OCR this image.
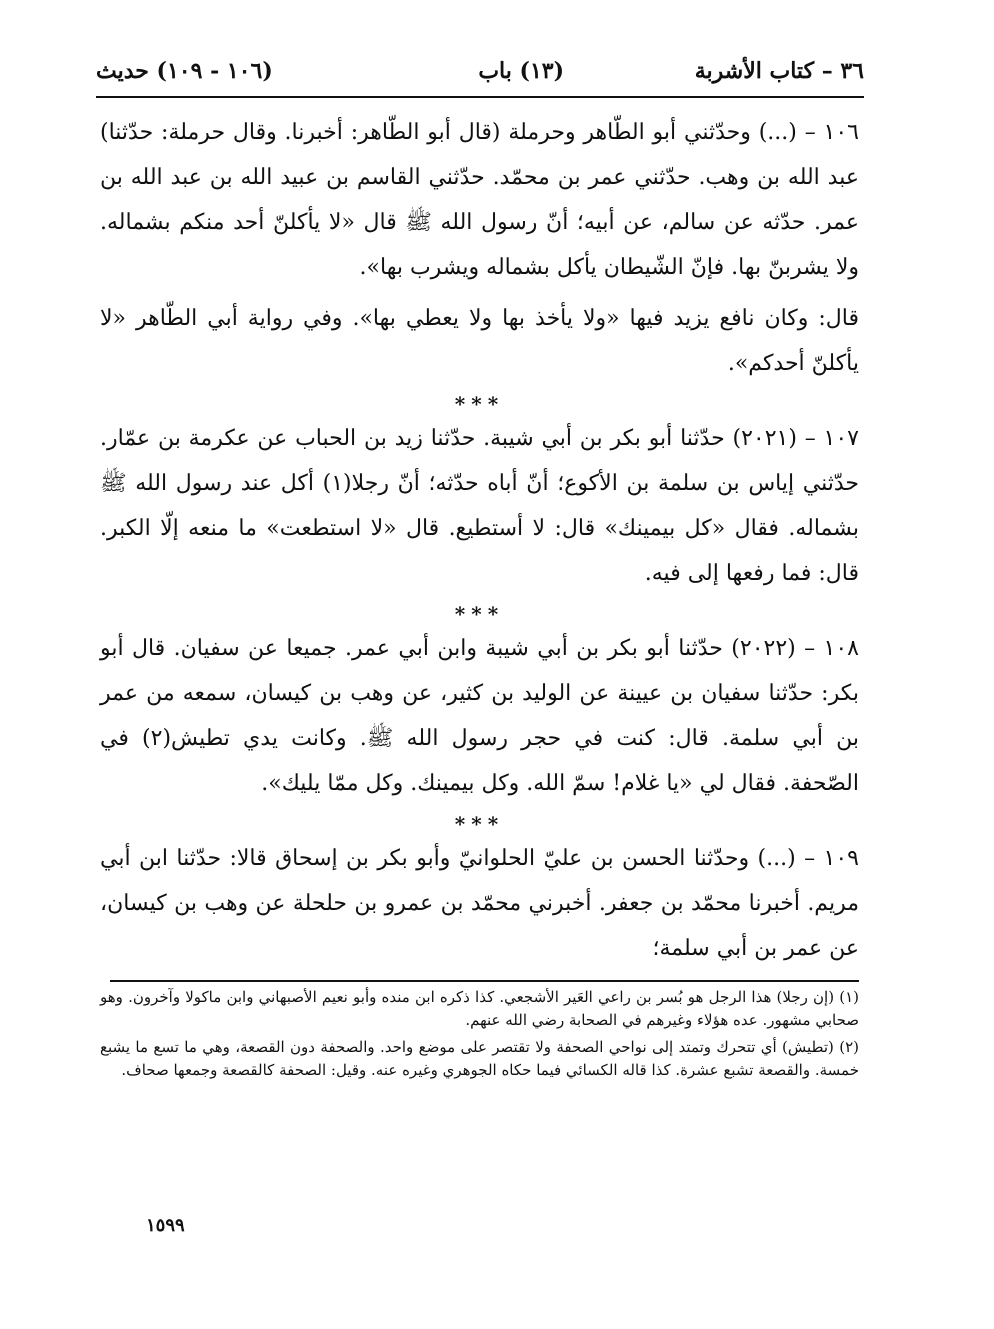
٣٦ – كتاب الأشربة
(١٣) باب
(١٠٦ - ١٠٩) حديث

١٠٦ – (...) وحدّثني أبو الطّاهر وحرملة (قال أبو الطّاهر: أخبرنا. وقال حرملة: حدّثنا) عبد الله بن وهب. حدّثني عمر بن محمّد. حدّثني القاسم بن عبيد الله بن عبد الله بن عمر. حدّثه عن سالم، عن أبيه؛ أنّ رسول الله ﷺ قال «لا يأكلنّ أحد منكم بشماله. ولا يشربنّ بها. فإنّ الشّيطان يأكل بشماله ويشرب بها».

قال: وكان نافع يزيد فيها «ولا يأخذ بها ولا يعطي بها». وفي رواية أبي الطّاهر «لا يأكلنّ أحدكم».

***

١٠٧ – (٢٠٢١) حدّثنا أبو بكر بن أبي شيبة. حدّثنا زيد بن الحباب عن عكرمة بن عمّار. حدّثني إياس بن سلمة بن الأكوع؛ أنّ أباه حدّثه؛ أنّ رجلا(١) أكل عند رسول الله ﷺ بشماله. فقال «كل بيمينك» قال: لا أستطيع. قال «لا استطعت» ما منعه إلّا الكبر. قال: فما رفعها إلى فيه.

***

١٠٨ – (٢٠٢٢) حدّثنا أبو بكر بن أبي شيبة وابن أبي عمر. جميعا عن سفيان. قال أبو بكر: حدّثنا سفيان بن عيينة عن الوليد بن كثير، عن وهب بن كيسان، سمعه من عمر بن أبي سلمة. قال: كنت في حجر رسول الله ﷺ. وكانت يدي تطيش(٢) في الصّحفة. فقال لي «يا غلام! سمّ الله. وكل بيمينك. وكل ممّا يليك».

***

١٠٩ – (...) وحدّثنا الحسن بن عليّ الحلوانيّ وأبو بكر بن إسحاق قالا: حدّثنا ابن أبي مريم. أخبرنا محمّد بن جعفر. أخبرني محمّد بن عمرو بن حلحلة عن وهب بن كيسان، عن عمر بن أبي سلمة؛

(١) (إن رجلا) هذا الرجل هو بُسر بن راعي العَير الأشجعي. كذا ذكره ابن منده وأبو نعيم الأصبهاني وابن ماكولا وآخرون. وهو صحابي مشهور. عده هؤلاء وغيرهم في الصحابة رضي الله عنهم.

(٢) (تطيش) أي تتحرك وتمتد إلى نواحي الصحفة ولا تقتصر على موضع واحد. والصحفة دون القصعة، وهي ما تسع ما يشبع خمسة. والقصعة تشبع عشرة. كذا قاله الكسائي فيما حكاه الجوهري وغيره عنه. وقيل: الصحفة كالقصعة وجمعها صحاف.

١٥٩٩
